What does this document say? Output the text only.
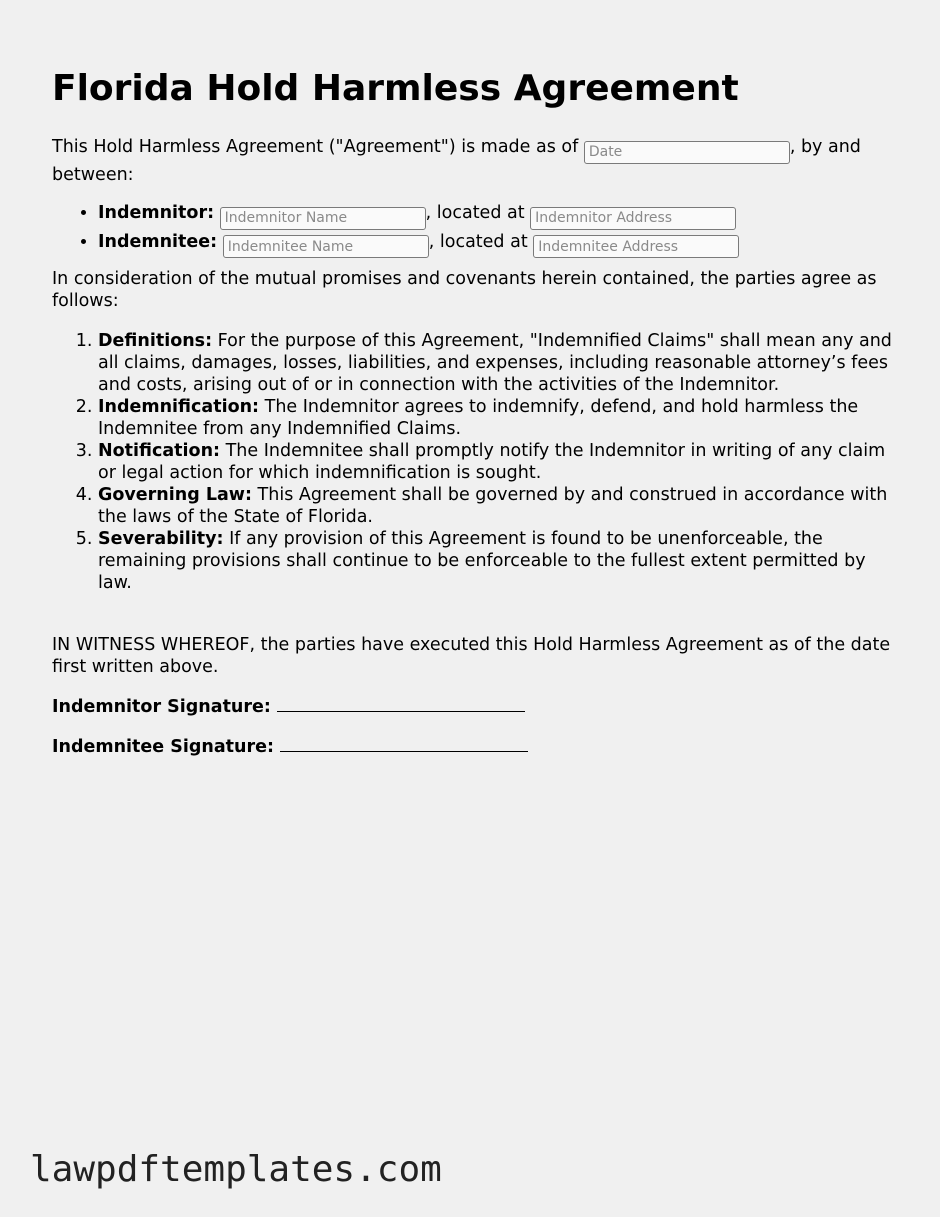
Florida Hold Harmless Agreement
This Hold Harmless Agreement ("Agreement") is made as of Date	, by and between:
• Indemnitor: Indemnitor Name	, located at Indemnitor Address
• Indemnitee: Indemnitee Name	, located at Indemnitee Address
In consideration of the mutual promises and covenants herein contained, the parties agree as follows:
1. Definitions: For the purpose of this Agreement, "Indemnified Claims" shall mean any and all claims, damages, losses, liabilities, and expenses, including reasonable attorney’s fees and costs, arising out of or in connection with the activities of the Indemnitor.
2. Indemnification: The Indemnitor agrees to indemnify, defend, and hold harmless the Indemnitee from any Indemnified Claims.
3. Notification: The Indemnitee shall promptly notify the Indemnitor in writing of any claim or legal action for which indemnification is sought.
4. Governing Law: This Agreement shall be governed by and construed in accordance with the laws of the State of Florida.
5. Severability: If any provision of this Agreement is found to be unenforceable, the remaining provisions shall continue to be enforceable to the fullest extent permitted by law.
IN WITNESS WHEREOF, the parties have executed this Hold Harmless Agreement as of the date first written above.
Indemnitor Signature:
Indemnitee Signature:
lawpdftemplates.com
